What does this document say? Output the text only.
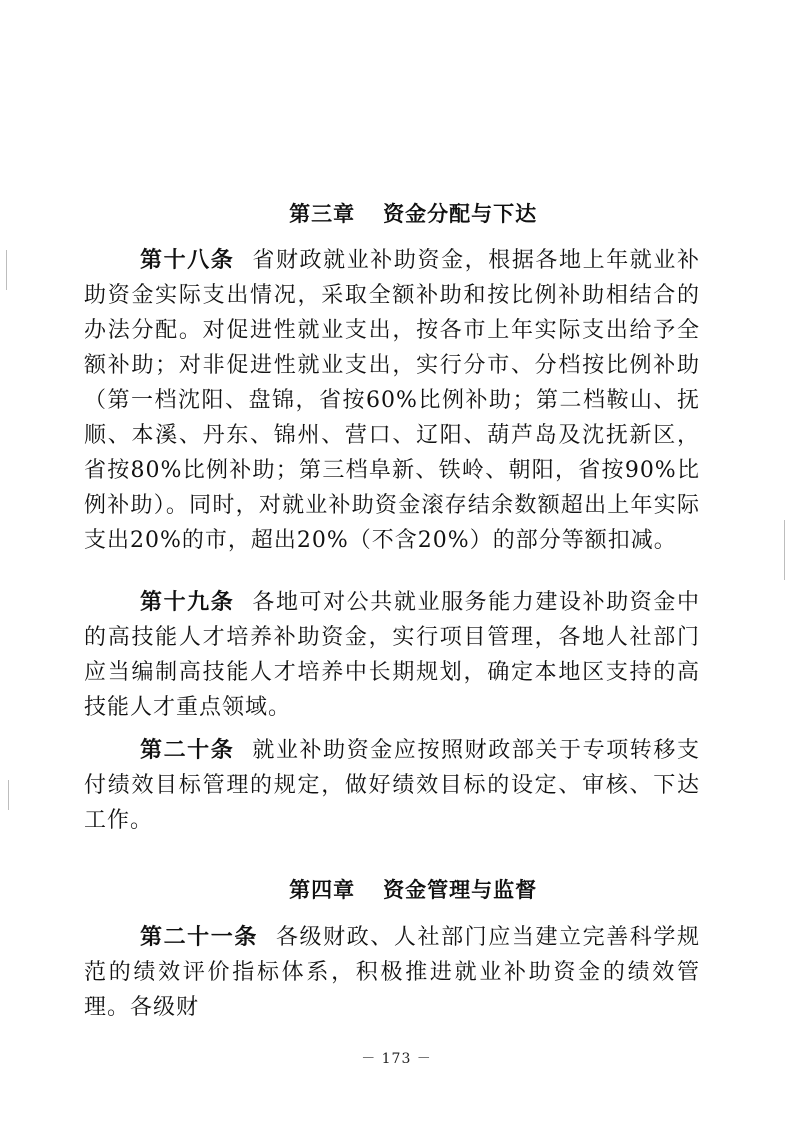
第三章 资金分配与下达

第十八条 省财政就业补助资金，根据各地上年就业补助资金实际支出情况，采取全额补助和按比例补助相结合的办法分配。对促进性就业支出，按各市上年实际支出给予全额补助；对非促进性就业支出，实行分市、分档按比例补助（第一档沈阳、盘锦，省按60%比例补助；第二档鞍山、抚顺、本溪、丹东、锦州、营口、辽阳、葫芦岛及沈抚新区，省按80%比例补助；第三档阜新、铁岭、朝阳，省按90%比例补助）。同时，对就业补助资金滚存结余数额超出上年实际支出20%的市，超出20%（不含20%）的部分等额扣减。

第十九条 各地可对公共就业服务能力建设补助资金中的高技能人才培养补助资金，实行项目管理，各地人社部门应当编制高技能人才培养中长期规划，确定本地区支持的高技能人才重点领域。

第二十条 就业补助资金应按照财政部关于专项转移支付绩效目标管理的规定，做好绩效目标的设定、审核、下达工作。

第四章 资金管理与监督

第二十一条 各级财政、人社部门应当建立完善科学规范的绩效评价指标体系，积极推进就业补助资金的绩效管理。各级财

－ 173 －
